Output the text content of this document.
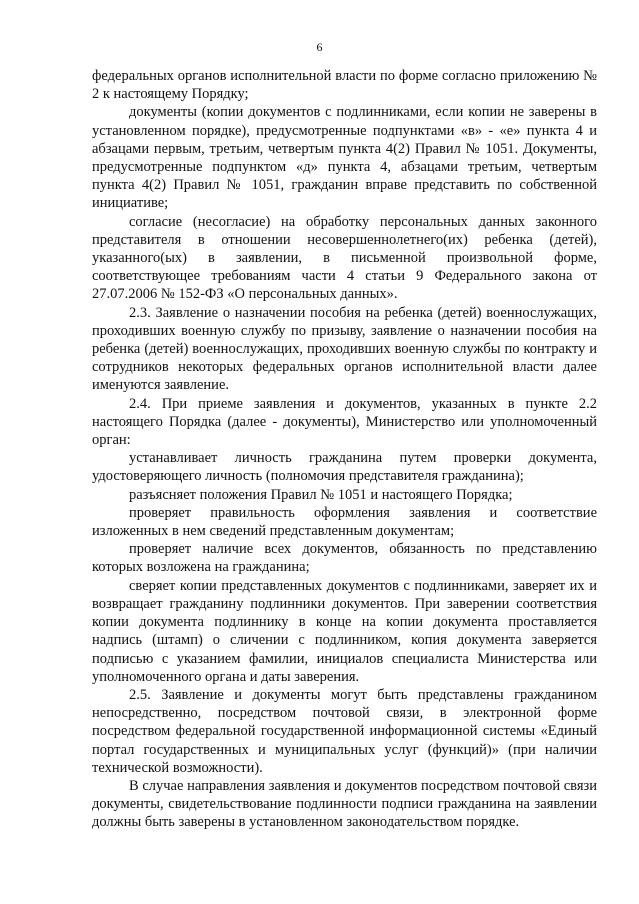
6

федеральных органов исполнительной власти по форме согласно приложению № 2 к настоящему Порядку;

документы (копии документов с подлинниками, если копии не заверены в установленном порядке), предусмотренные подпунктами «в» - «е» пункта 4 и абзацами первым, третьим, четвертым пункта 4(2) Правил № 1051. Документы, предусмотренные подпунктом «д» пункта 4, абзацами третьим, четвертым пункта 4(2) Правил № 1051, гражданин вправе представить по собственной инициативе;

согласие (несогласие) на обработку персональных данных законного представителя в отношении несовершеннолетнего(их) ребенка (детей), указанного(ых) в заявлении, в письменной произвольной форме, соответствующее требованиям части 4 статьи 9 Федерального закона от 27.07.2006 № 152-ФЗ «О персональных данных».

2.3. Заявление о назначении пособия на ребенка (детей) военнослужащих, проходивших военную службу по призыву, заявление о назначении пособия на ребенка (детей) военнослужащих, проходивших военную службы по контракту и сотрудников некоторых федеральных органов исполнительной власти далее именуются заявление.

2.4. При приеме заявления и документов, указанных в пункте 2.2 настоящего Порядка (далее - документы), Министерство или уполномоченный орган:

устанавливает личность гражданина путем проверки документа, удостоверяющего личность (полномочия представителя гражданина);

разъясняет положения Правил № 1051 и настоящего Порядка;

проверяет правильность оформления заявления и соответствие изложенных в нем сведений представленным документам;

проверяет наличие всех документов, обязанность по представлению которых возложена на гражданина;

сверяет копии представленных документов с подлинниками, заверяет их и возвращает гражданину подлинники документов. При заверении соответствия копии документа подлиннику в конце на копии документа проставляется надпись (штамп) о сличении с подлинником, копия документа заверяется подписью с указанием фамилии, инициалов специалиста Министерства или уполномоченного органа и даты заверения.

2.5. Заявление и документы могут быть представлены гражданином непосредственно, посредством почтовой связи, в электронной форме посредством федеральной государственной информационной системы «Единый портал государственных и муниципальных услуг (функций)» (при наличии технической возможности).

В случае направления заявления и документов посредством почтовой связи документы, свидетельствование подлинности подписи гражданина на заявлении должны быть заверены в установленном законодательством порядке.
